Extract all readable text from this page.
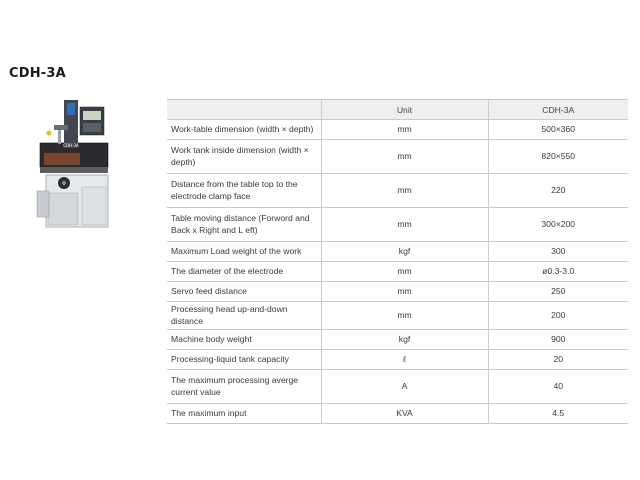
CDH-3A
CDH-3A
	Unit	CDH-3A
Work-table dimension (width × depth)	mm	500×360
Work tank inside dimension (width × depth)	mm	820×550
Distance from the table top to the electrode clamp face	mm	220
Table moving distance (Forword and Back x Right and L eft)	mm	300×200
Maximum Load weight of the work	kgf	300
The diameter of the electrode	mm	ø0.3-3.0
Servo feed distance	mm	250
Processing head up-and-down distance	mm	200
Machine body weight	kgf	900
Processing-liquid tank capacity	ℓ	20
The maximum processing averge current value	A	40
The maximum input	KVA	4.5
